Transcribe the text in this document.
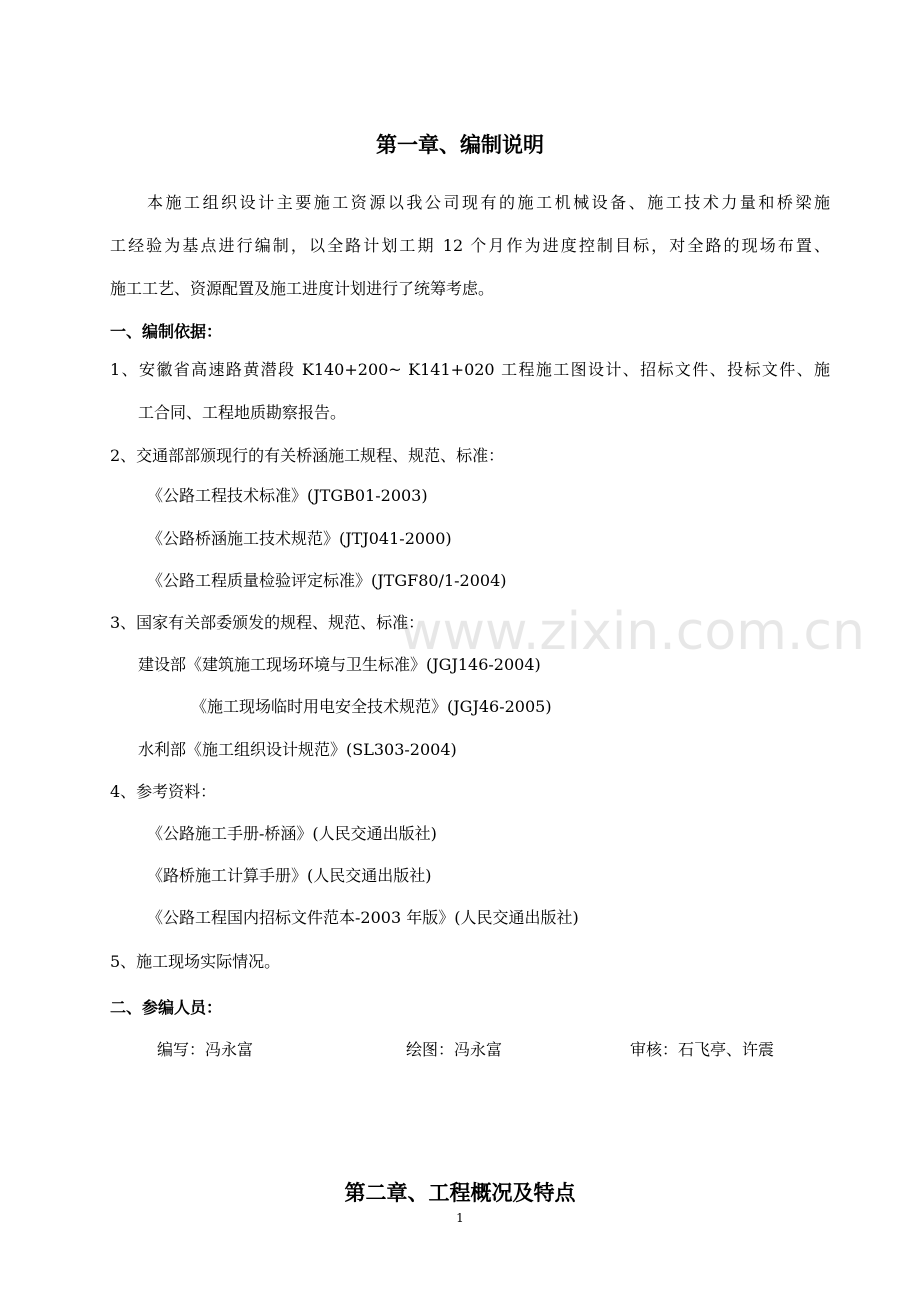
第一章、编制说明
本施工组织设计主要施工资源以我公司现有的施工机械设备、施工技术力量和桥梁施
工经验为基点进行编制，以全路计划工期 12 个月作为进度控制目标，对全路的现场布置、
施工工艺、资源配置及施工进度计划进行了统筹考虑。
一、编制依据：
1、安徽省高速路黄潜段 K140+200~ K141+020 工程施工图设计、招标文件、投标文件、施
工合同、工程地质勘察报告。
2、交通部部颁现行的有关桥涵施工规程、规范、标准：
《公路工程技术标准》(JTGB01-2003)
《公路桥涵施工技术规范》(JTJ041-2000)
《公路工程质量检验评定标准》(JTGF80/1-2004)
3、国家有关部委颁发的规程、规范、标准：
建设部《建筑施工现场环境与卫生标准》(JGJ146-2004)
《施工现场临时用电安全技术规范》(JGJ46-2005)
水利部《施工组织设计规范》(SL303-2004)
4、参考资料：
《公路施工手册-桥涵》(人民交通出版社)
《路桥施工计算手册》(人民交通出版社)
《公路工程国内招标文件范本-2003 年版》(人民交通出版社)
5、施工现场实际情况。
二、参编人员：
编写：冯永富	绘图：冯永富	审核：石飞亭、许震
第二章、工程概况及特点
1
www.zixin.com.cn
